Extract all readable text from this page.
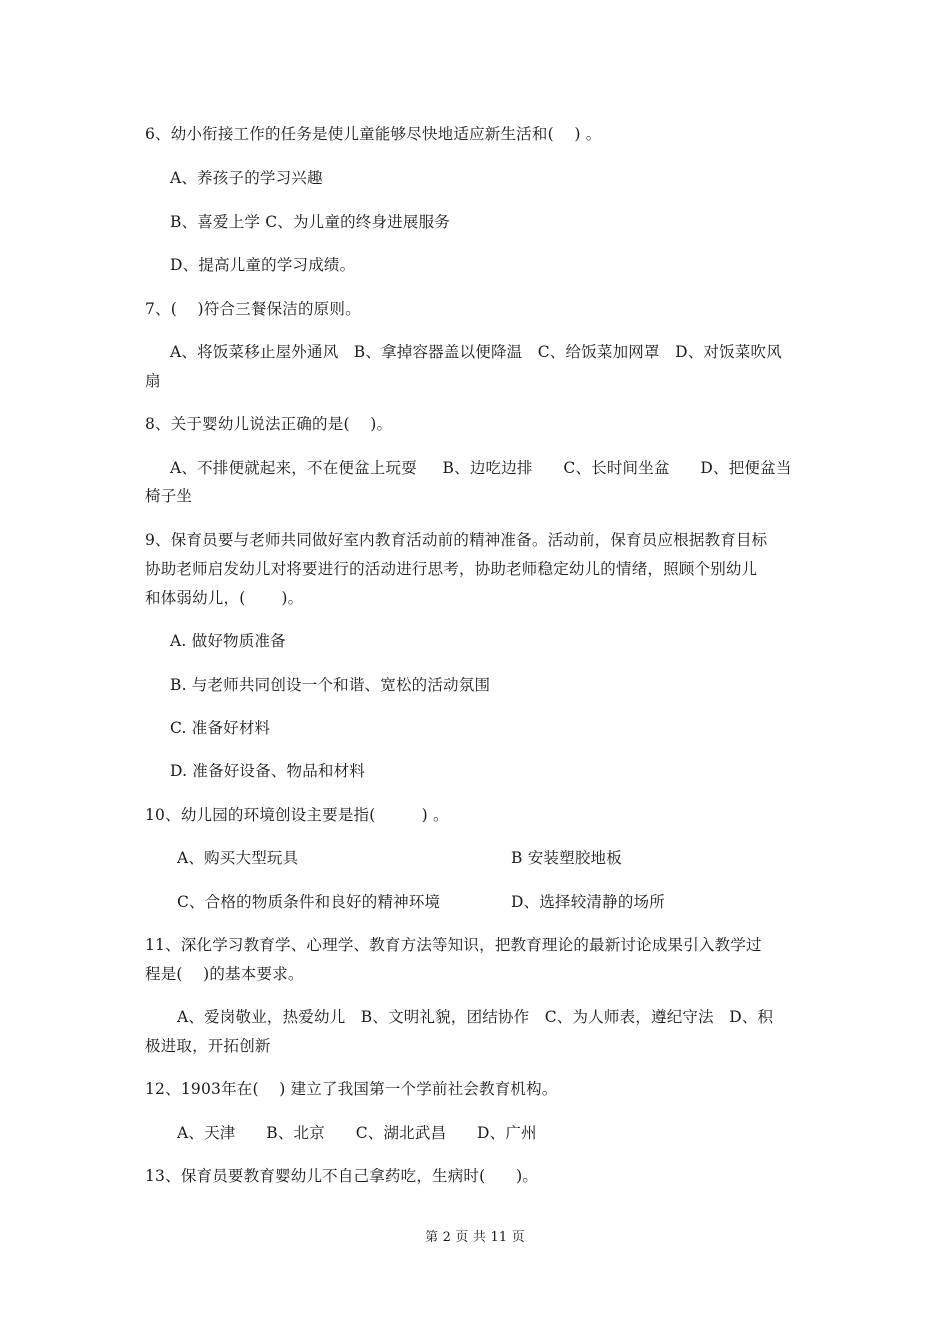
6、幼小衔接工作的任务是使儿童能够尽快地适应新生活和(    ) 。
A、养孩子的学习兴趣
B、喜爱上学 C、为儿童的终身进展服务
D、提高儿童的学习成绩。
7、(    )符合三餐保洁的原则。
A、将饭菜移止屋外通风   B、拿掉容器盖以便降温   C、给饭菜加网罩   D、对饭菜吹风
扇
8、关于婴幼儿说法正确的是(    )。
A、不排便就起来，不在便盆上玩耍     B、边吃边排      C、长时间坐盆      D、把便盆当
椅子坐
9、保育员要与老师共同做好室内教育活动前的精神准备。活动前，保育员应根据教育目标
协助老师启发幼儿对将要进行的活动进行思考，协助老师稳定幼儿的情绪，照顾个别幼儿
和体弱幼儿，(       )。
A. 做好物质准备
B. 与老师共同创设一个和谐、宽松的活动氛围
C. 准备好材料
D. 准备好设备、物品和材料
10、幼儿园的环境创设主要是指(         ) 。
A、购买大型玩具	B 安装塑胶地板
C、合格的物质条件和良好的精神环境	D、选择较清静的场所
11、深化学习教育学、心理学、教育方法等知识，把教育理论的最新讨论成果引入教学过
程是(    )的基本要求。
A、爱岗敬业，热爱幼儿   B、文明礼貌，团结协作   C、为人师表，遵纪守法   D、积
极进取，开拓创新
12、1903年在(    ) 建立了我国第一个学前社会教育机构。
A、天津      B、北京      C、湖北武昌      D、广州
13、保育员要教育婴幼儿不自己拿药吃，生病时(      )。
第 2 页 共 11 页
